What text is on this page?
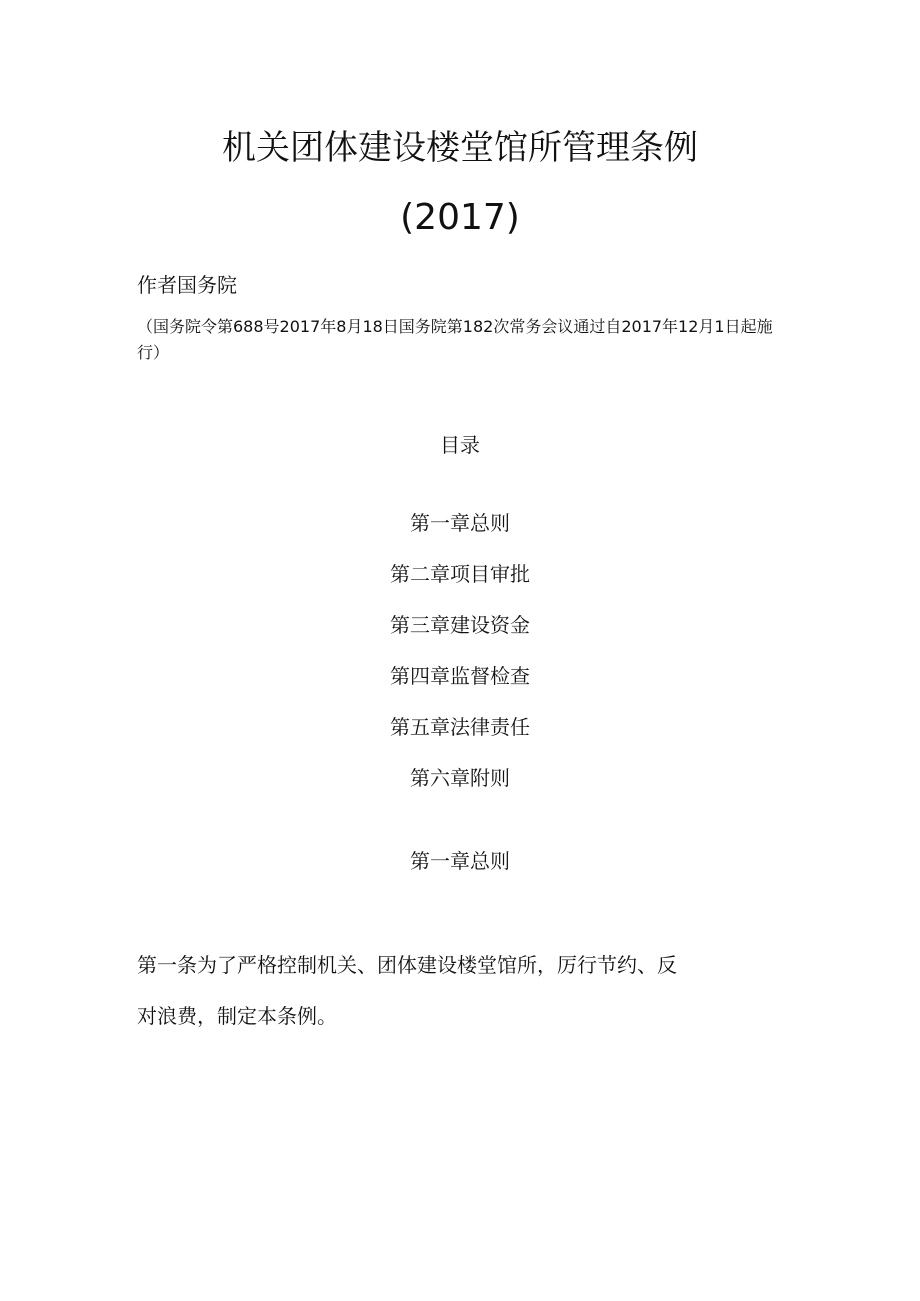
机关团体建设楼堂馆所管理条例
(2017)
作者国务院
（国务院令第688号2017年8月18日国务院第182次常务会议通过自2017年12月1日起施行）
目录
第一章总则
第二章项目审批
第三章建设资金
第四章监督检查
第五章法律责任
第六章附则
第一章总则

第一条为了严格控制机关、团体建设楼堂馆所，厉行节约、反
对浪费，制定本条例。
